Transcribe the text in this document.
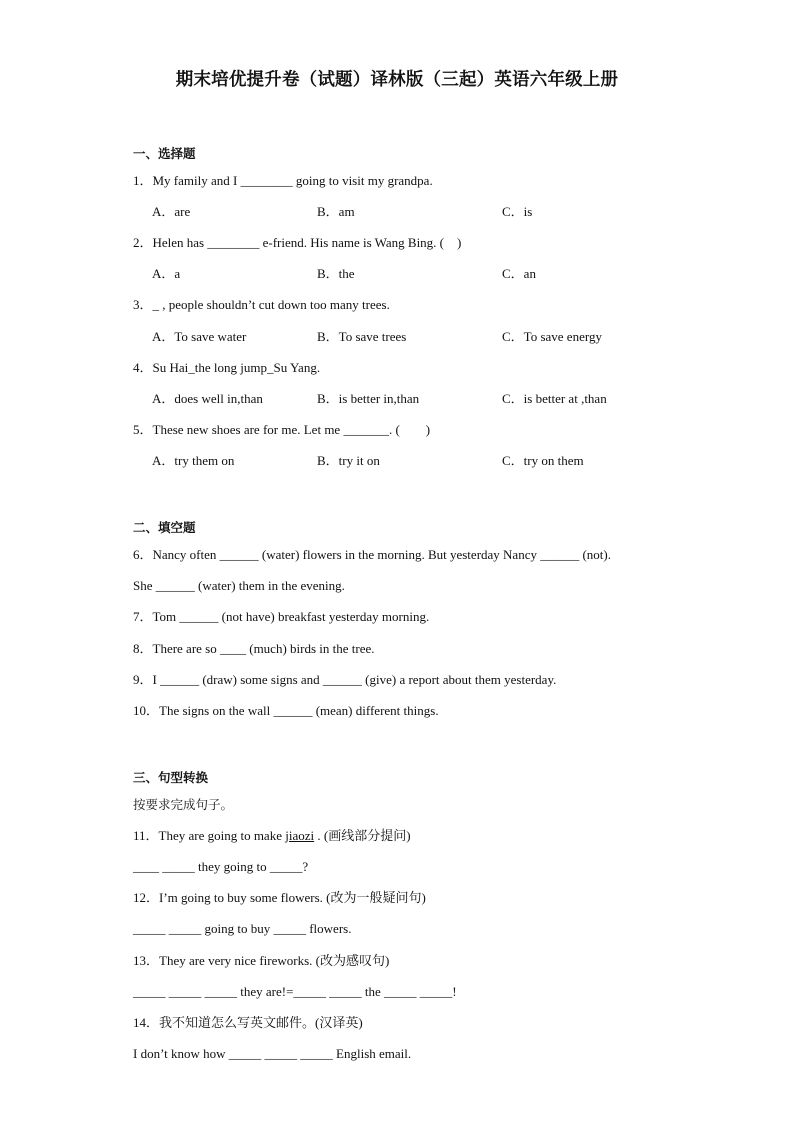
期末培优提升卷（试题）译林版（三起）英语六年级上册
一、选择题
1．My family and I ________ going to visit my grandpa.
A．are	B．am	C．is
2．Helen has ________ e-friend. His name is Wang Bing. (　)
A．a	B．the	C．an
3．_ , people shouldn’t cut down too many trees.
A．To save water	B．To save trees	C．To save energy
4．Su Hai_the long jump_Su Yang.
A．does well in,than	B．is better in,than	C．is better at ,than
5．These new shoes are for me. Let me _______. (　　)
A．try them on	B．try it on	C．try on them
二、填空题
6．Nancy often ______ (water) flowers in the morning. But yesterday Nancy ______ (not).
She ______ (water) them in the evening.
7．Tom ______ (not have) breakfast yesterday morning.
8．There are so ____ (much) birds in the tree.
9．I ______ (draw) some signs and ______ (give) a report about them yesterday.
10．The signs on the wall ______ (mean) different things.
三、句型转换
按要求完成句子。
11．They are going to make jiaozi . (画线部分提问)
____ _____ they going to _____?
12．I’m going to buy some flowers. (改为一般疑问句)
_____ _____ going to buy _____ flowers.
13．They are very nice fireworks. (改为感叹句)
_____ _____ _____ they are!=_____ _____ the _____ _____!
14．我不知道怎么写英文邮件。(汉译英)
I don’t know how _____ _____ _____ English email.
